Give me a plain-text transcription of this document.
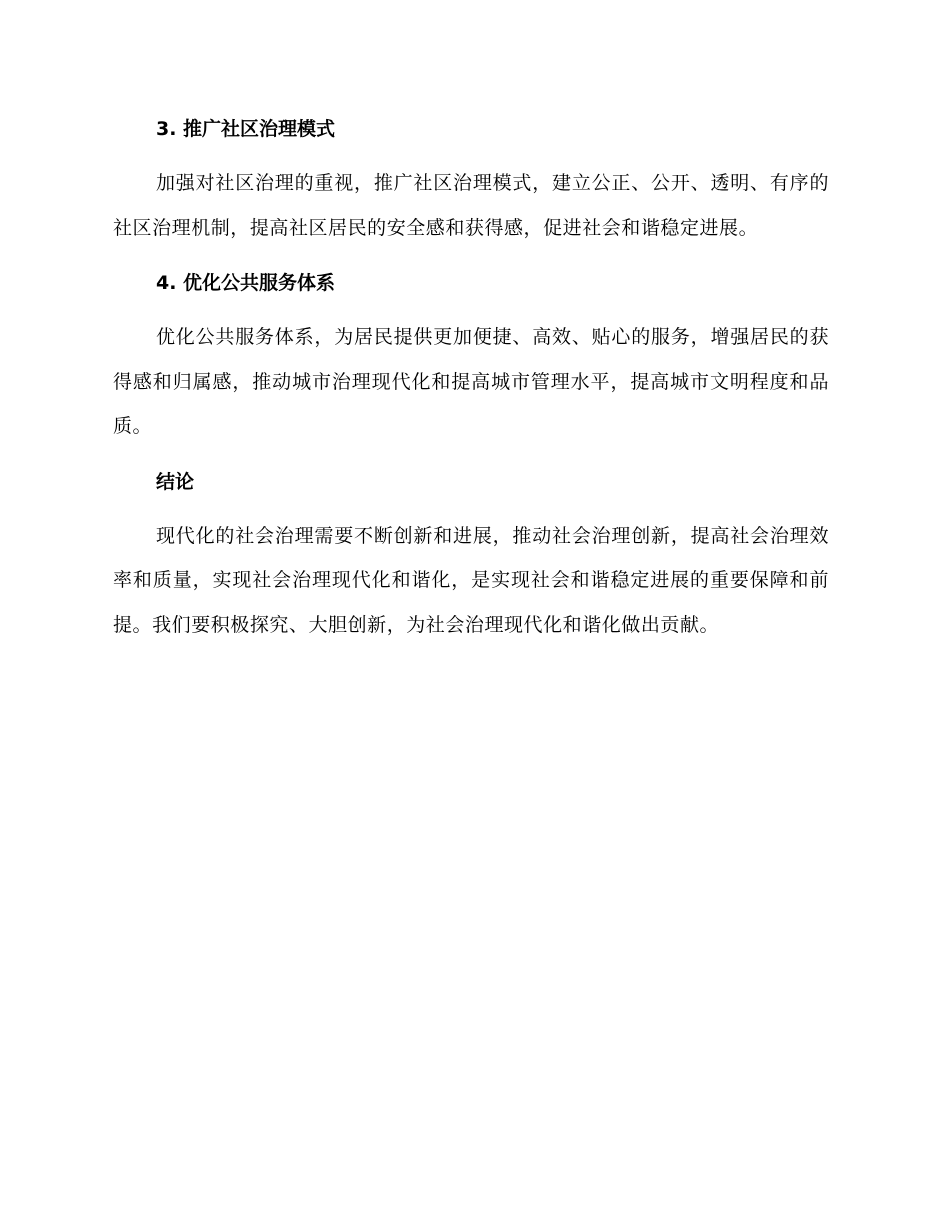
3. 推广社区治理模式

加强对社区治理的重视，推广社区治理模式，建立公正、公开、透明、有序的社区治理机制，提高社区居民的安全感和获得感，促进社会和谐稳定进展。

4. 优化公共服务体系

优化公共服务体系，为居民提供更加便捷、高效、贴心的服务，增强居民的获得感和归属感，推动城市治理现代化和提高城市管理水平，提高城市文明程度和品质。

结论

现代化的社会治理需要不断创新和进展，推动社会治理创新，提高社会治理效率和质量，实现社会治理现代化和谐化，是实现社会和谐稳定进展的重要保障和前提。我们要积极探究、大胆创新，为社会治理现代化和谐化做出贡献。
